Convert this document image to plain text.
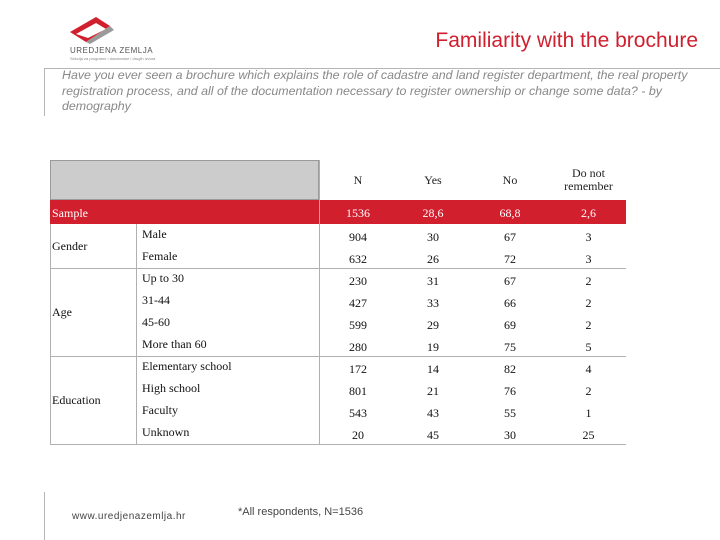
UREDJENA ZEMLJA
Sekcija za programe i donatorske i drugih izvora
Familiarity with the brochure
Have you ever seen a brochure which explains the role of cadastre and land register department, the real property registration process, and all of the documentation necessary to register ownership or change some data? - by demography
N	Yes	No	Do not remember
Sample	1536	28,6	68,8	2,6
Gender
Male	904	30	67	3
Female	632	26	72	3
Age
Up to 30	230	31	67	2
31-44	427	33	66	2
45-60	599	29	69	2
More than 60	280	19	75	5
Education
Elementary school	172	14	82	4
High school	801	21	76	2
Faculty	543	43	55	1
Unknown	20	45	30	25
www.uredjenazemlja.hr	*All respondents, N=1536
